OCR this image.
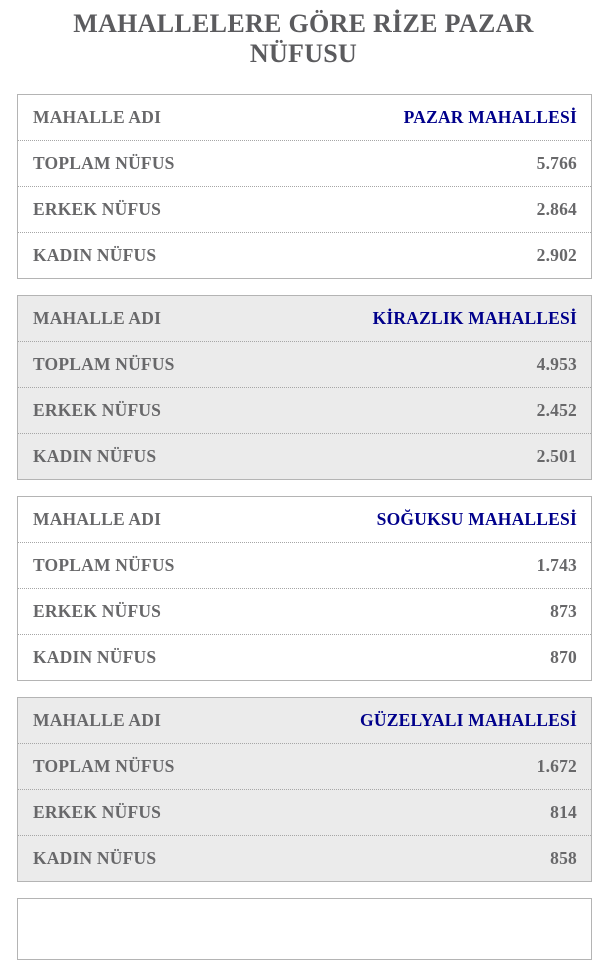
MAHALLELERE GÖRE RİZE PAZAR
NÜFUSU
MAHALLE ADI	PAZAR MAHALLESİ
TOPLAM NÜFUS	5.766
ERKEK NÜFUS	2.864
KADIN NÜFUS	2.902
MAHALLE ADI	KİRAZLIK MAHALLESİ
TOPLAM NÜFUS	4.953
ERKEK NÜFUS	2.452
KADIN NÜFUS	2.501
MAHALLE ADI	SOĞUKSU MAHALLESİ
TOPLAM NÜFUS	1.743
ERKEK NÜFUS	873
KADIN NÜFUS	870
MAHALLE ADI	GÜZELYALI MAHALLESİ
TOPLAM NÜFUS	1.672
ERKEK NÜFUS	814
KADIN NÜFUS	858
